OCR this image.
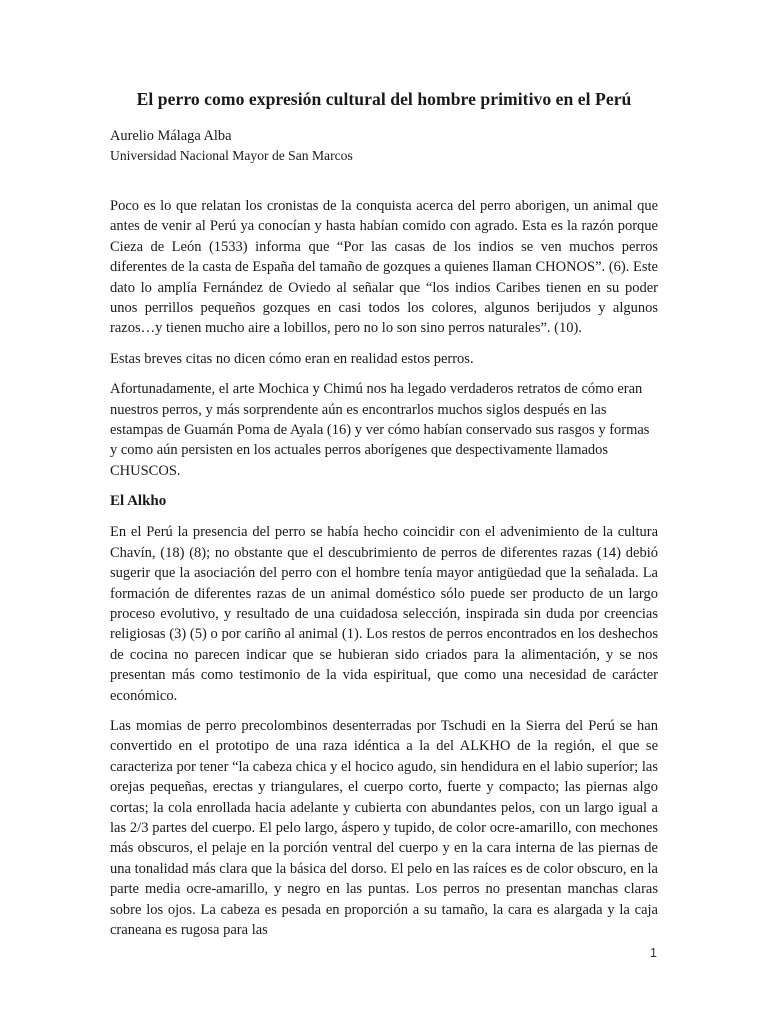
El perro como expresión cultural del hombre primitivo en el Perú

Aurelio Málaga Alba

Universidad Nacional Mayor de San Marcos

Poco es lo que relatan los cronistas de la conquista acerca del perro aborigen, un animal que antes de venir al Perú ya conocían y hasta habían comido con agrado. Esta es la razón porque Cieza de León (1533) informa que “Por las casas de los indios se ven muchos perros diferentes de la casta de España del tamaño de gozques a quienes llaman CHONOS”. (6). Este dato lo amplía Fernández de Oviedo al señalar que “los indios Caribes tienen en su poder unos perrillos pequeños gozques en casi todos los colores, algunos berijudos y algunos razos…y tienen mucho aire a lobillos, pero no lo son sino perros naturales”. (10).

Estas breves citas no dicen cómo eran en realidad estos perros.

Afortunadamente, el arte Mochica y Chimú nos ha legado verdaderos retratos de cómo eran nuestros perros, y más sorprendente aún es encontrarlos muchos siglos después en las estampas de Guamán Poma de Ayala (16) y ver cómo habían conservado sus rasgos y formas y como aún persisten en los actuales perros aborígenes que despectivamente llamados CHUSCOS.

El Alkho

En el Perú la presencia del perro se había hecho coincidir con el advenimiento de la cultura Chavín, (18) (8); no obstante que el descubrimiento de perros de diferentes razas (14) debió sugerir que la asociación del perro con el hombre tenía mayor antigüedad que la señalada. La formación de diferentes razas de un animal doméstico sólo puede ser producto de un largo proceso evolutivo, y resultado de una cuidadosa selección, inspirada sin duda por creencias religiosas (3) (5) o por cariño al animal (1). Los restos de perros encontrados en los deshechos de cocina no parecen indicar que se hubieran sido criados para la alimentación, y se nos presentan más como testimonio de la vida espiritual, que como una necesidad de carácter económico.

Las momias de perro precolombinos desenterradas por Tschudi en la Sierra del Perú se han convertido en el prototipo de una raza idéntica a la del ALKHO de la región, el que se caracteriza por tener “la cabeza chica y el hocico agudo, sin hendidura en el labio superíor; las orejas pequeñas, erectas y triangulares, el cuerpo corto, fuerte y compacto; las piernas algo cortas; la cola enrollada hacia adelante y cubierta con abundantes pelos, con un largo igual a las 2/3 partes del cuerpo. El pelo largo, áspero y tupido, de color ocre-amarillo, con mechones más obscuros, el pelaje en la porción ventral del cuerpo y en la cara interna de las piernas de una tonalidad más clara que la básica del dorso. El pelo en las raíces es de color obscuro, en la parte media ocre-amarillo, y negro en las puntas. Los perros no presentan manchas claras sobre los ojos. La cabeza es pesada en proporción a su tamaño, la cara es alargada y la caja craneana es rugosa para las

1
